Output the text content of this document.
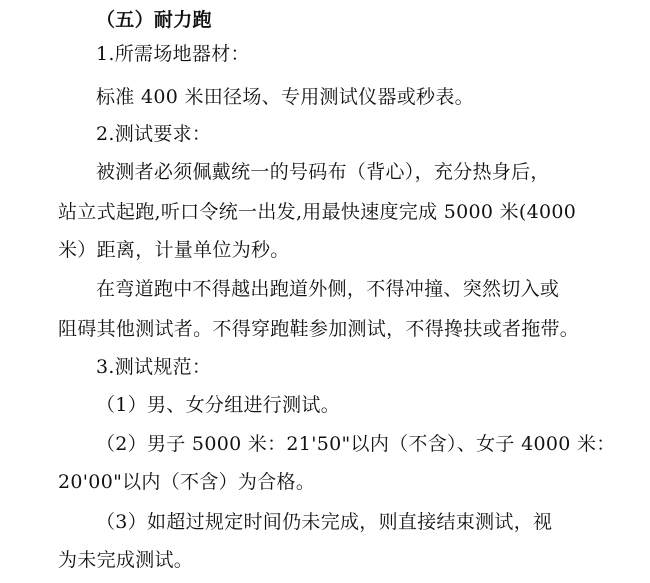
（五）耐力跑
1.所需场地器材：
标准 400 米田径场、专用测试仪器或秒表。
2.测试要求：
被测者必须佩戴统一的号码布（背心），充分热身后，
站立式起跑,听口令统一出发,用最快速度完成 5000 米(4000
米）距离，计量单位为秒。
在弯道跑中不得越出跑道外侧，不得冲撞、突然切入或
阻碍其他测试者。不得穿跑鞋参加测试，不得搀扶或者拖带。
3.测试规范：
（1）男、女分组进行测试。
（2）男子 5000 米：21'50"以内（不含）、女子 4000 米：
20'00"以内（不含）为合格。
（3）如超过规定时间仍未完成，则直接结束测试，视
为未完成测试。
